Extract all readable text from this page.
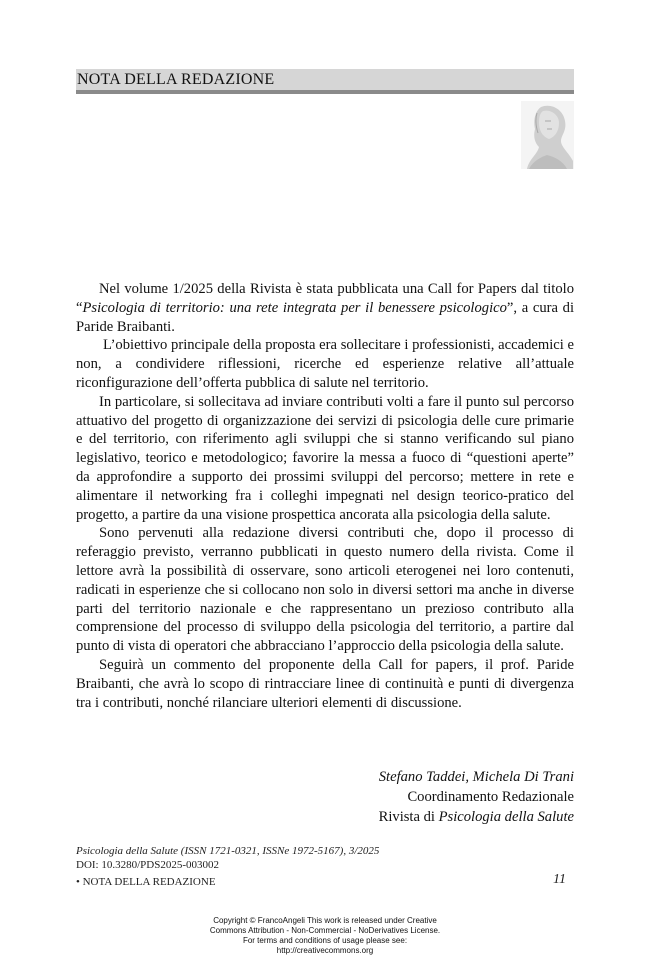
NOTA DELLA REDAZIONE

Nel volume 1/2025 della Rivista è stata pubblicata una Call for Papers dal titolo “Psicologia di territorio: una rete integrata per il benessere psicologico”, a cura di Paride Braibanti.

L’obiettivo principale della proposta era sollecitare i professionisti, accademici e non, a condividere riflessioni, ricerche ed esperienze relative all’attuale riconfigurazione dell’offerta pubblica di salute nel territorio.

In particolare, si sollecitava ad inviare contributi volti a fare il punto sul percorso attuativo del progetto di organizzazione dei servizi di psicologia delle cure primarie e del territorio, con riferimento agli sviluppi che si stanno verificando sul piano legislativo, teorico e metodologico; favorire la messa a fuoco di “questioni aperte” da approfondire a supporto dei prossimi sviluppi del percorso; mettere in rete e alimentare il networking fra i colleghi impegnati nel design teorico-pratico del progetto, a partire da una visione prospettica ancorata alla psicologia della salute.

Sono pervenuti alla redazione diversi contributi che, dopo il processo di referaggio previsto, verranno pubblicati in questo numero della rivista. Come il lettore avrà la possibilità di osservare, sono articoli eterogenei nei loro contenuti, radicati in esperienze che si collocano non solo in diversi settori ma anche in diverse parti del territorio nazionale e che rappresentano un prezioso contributo alla comprensione del processo di sviluppo della psicologia del territorio, a partire dal punto di vista di operatori che abbracciano l’approccio della psicologia della salute.

Seguirà un commento del proponente della Call for papers, il prof. Paride Braibanti, che avrà lo scopo di rintracciare linee di continuità e punti di divergenza tra i contributi, nonché rilanciare ulteriori elementi di discussione.

Stefano Taddei, Michela Di Trani
Coordinamento Redazionale
Rivista di Psicologia della Salute
Psicologia della Salute (ISSN 1721-0321, ISSNe 1972-5167), 3/2025
DOI: 10.3280/PDS2025-003002
• NOTA DELLA REDAZIONE	11
Copyright © FrancoAngeli This work is released under Creative
Commons Attribution - Non-Commercial - NoDerivatives License.
For terms and conditions of usage please see:
http://creativecommons.org
